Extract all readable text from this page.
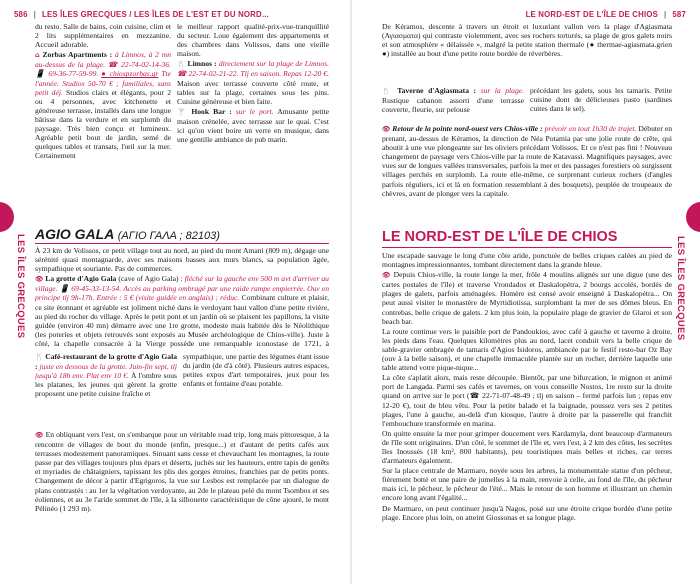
586 | LES ÎLES GRECQUES / LES ÎLES DE L'EST ET DU NORD...

du resto. Salle de bains, coin cuisine, clim et 2 lits supplémentaires en mezzanine. Accueil adorable.

⌂ Zorbas Apartments : à Limnos, à 2 mn au-dessus de la plage. ☎ 22-74-02-14-36. 📱 69-36-77-59-99. ● chiospzorbas.gr Tte l'année. Studios 50-70 € ; familiales, sans petit déj. Studios clairs et élégants, pour 2 ou 4 personnes, avec kitchenette et généreuse terrasse, installés dans une longue bâtisse dans la verdure et en surplomb du paysage. Très bien conçu et lumineux. Agréable petit bout de jardin, semé de quelques tables et transats, l'œil sur la mer. Certainement

le meilleur rapport qualité-prix-vue-tranquillité du secteur. Loue également des appartements et des chambres dans Volissos, dans une vieille maison.

🍴 Limnos : directement sur la plage de Limnos. ☎ 22-74-02-21-22. Tlj en saison. Repas 12-20 €. Maison avec terrasse couverte côté route, et tables sur la plage, certaines sous les pins. Cuisine généreuse et bien faite.

🍸 Hook Bar : sur le port. Amusante petite maison crénelée, avec terrasse sur le quai. C'est ici qu'on vient boire un verre en musique, dans une gentille ambiance de pub marin.

AGIO GALA (ΑΓΙΟ ΓΑΛΑ ; 82103)

À 23 km de Volissos, ce petit village tout au nord, au pied du mont Amani (809 m), dégage une sérénité quasi montagnarde, avec ses maisons basses aux murs blancs, sa population âgée, sympathique et souriante. Pas de commerces.

👁 La grotte d'Agio Gala (cave of Agio Gala) : fléché sur la gauche env 500 m avt d'arriver au village. 📱 69-45-33-13-54. Accès au parking ombragé par une raide rampe empierrée. Ouv en principe tlj 9h-17h. Entrée : 5 € (visite guidée en anglais) ; réduc. Combinant culture et plaisir, ce site étonnant et agréable est joliment niché dans le verdoyant haut vallon d'une petite rivière, au pied du rocher du village. Après le petit pont et un jardin où se plaisent les papillons, la visite guidée (environ 40 mn) démarre avec une 1re grotte, modeste mais habitée dès le Néolithique (les poteries et objets retrouvés sont exposés au Musée archéologique de Chios-ville). Juste à côté, la chapelle consacrée à la Vierge possède une remarquable iconostase de 1721, à

🍴 Café-restaurant de la grotte d'Agio Gala : juste en dessous de la grotte. Juin-fin sept, tlj jusqu'à 18h env. Plat env 10 €. À l'ombre sous les platanes, les jeunes qui gèrent la grotte proposent une petite cuisine fraîche et

sympathique, une partie des légumes étant issue du jardin (de d'à côté). Plusieurs autres espaces, petites expos d'art temporaires, jeux pour les enfants et fontaine d'eau potable.

👁 En obliquant vers l'est, on s'embarque pour un véritable road trip, long mais pittoresque, à la rencontre de villages de bout du monde (enfin, presque...) et d'autant de petits cafés aux terrasses modestement panoramiques. Sinuant sans cesse et chevauchant les montagnes, la route passe par des villages toujours plus épars et déserts, juchés sur les hauteurs, entre tapis de genêts et myriades de châtaigniers, tapissant les plis des gorges étroites, franchies par de petits ponts. Changement de décor à partir d'Egrigoros, la vue sur Lesbos est remplacée par un dialogue de plans contrastés : au 1er la végétation verdoyante, au 2de le plateau pelé du mont Tsombos et ses éoliennes, et au 3e l'aride sommet de l'île, à la silhouette caractéristique de cône ajouré, le mont Pélinéo (1 293 m).

LES ÎLES GRECQUES
LE NORD-EST DE L'ÎLE DE CHIOS | 587

De Kéramos, descente à travers un étroit et luxuriant vallon vers la plage d'Agiasmata (Αγιασματα) qui contraste violemment, avec ses rochers torturés, sa plage de gros galets noirs et son atmosphère « délaissée », malgré la petite station thermale (● thermae-agiasmata.grien ●) installée au bout d'une petite route bordée de réverbères.

🍴 Taverne d'Agiasmata : sur la plage. Rustique cabanon assorti d'une terrasse couverte, fleurie, sur pelouse

précédant les galets, sous les tamaris. Petite cuisine dont de délicieuses pasto (sardines cuites dans le sel).

👁 Retour de la pointe nord-ouest vers Chios-ville : prévoir en tout 1h30 de trajet. Débuter en prenant, au-dessus de Kéramos, la direction de Néa Potamia par une jolie route de crête, qui aboutit à une vue plongeante sur les oliviers précédant Volissos. Et ce n'est pas fini ! Nouveau changement de paysage vers Chios-ville par la route de Katavassi. Magnifiques paysages, avec vues sur de longues vallées transversales, parfois la mer et des passages forestiers où surgissent villages perchés en surplomb. La route elle-même, ce surprenant curieux rochers (d'angles parfois réguliers, ici et là en formation ressemblant à des bosquets), peuplée de troupeaux de chèvres, avant de plonger vers la capitale.

LE NORD-EST DE L'ÎLE DE CHIOS

Une escapade sauvage le long d'une côte aride, ponctuée de belles criques calées au pied de montagnes impressionnantes, tombant directement dans la grande bleue.

👁 Depuis Chios-ville, la route longe la mer, frôle 4 moulins alignés sur une digue (une des cartes postales de l'île) et traverse Vrondados et Daskalopétra, 2 bourgs accolés, bordés de plages de galets, parfois aménagées. Homère est censé avoir enseigné à Daskalopétra... On peut aussi visiter le monastère de Myrtidiotissa, surplombant la mer de ses dômes bleus. En contrebas, belle crique de galets. 2 km plus loin, la populaire plage de gravier de Glaroi et son beach bar.

La route continue vers le paisible port de Pandoukios, avec café à gauche et taverne à droite, les pieds dans l'eau. Quelques kilomètres plus au nord, lacet conduit vers la belle crique de sable-gravier ombragée de tamaris d'Agios Isidoros, ambiancée par le festif resto-bar Oz Bay (ouv à la belle saison), et une chapelle immaculée plantée sur un rocher, derrière laquelle une table attend votre pique-nique...

La côte s'aplatit alors, mais reste découpée. Bientôt, par une bifurcation, le mignon et animé port de Langada. Parmi ses cafés et tavernes, on vous conseille Nostos, 1re resto sur la droite quand on arrive sur le port (☎ 22-71-07-48-49 ; tlj en saison – fermé parfois lun ; repas env 12-20 €), tout de bleu vêtu. Pour la petite balade et la baignade, poussez vers ses 2 petites plages, l'une à gauche, au-delà d'un kiosque, l'autre à droite par la passerelle qui franchit l'embouchure transformée en marina.

On quitte ensuite la mer pour grimper doucement vers Kardamyla, dont beaucoup d'armateurs de l'île sont originaires. D'un côté, le sommet de l'île et, vers l'est, à 2 km des côtes, les secrètes îles Inoussés (18 km², 800 habitants), peu touristiques mais belles et riches, car terres d'armateurs également.

Sur la place centrale de Marmaro, noyée sous les arbres, la monumentale statue d'un pêcheur, fièrement botté et une paire de jumelles à la main, renvoie à celle, au fond de l'île, du pêcheur mais ici, le pêcheur, le pêcheur de l'été... Mais le retour de son homme et illustrant un chemin encore long avant l'égalité...

De Marmaro, on peut continuer jusqu'à Nagos, posé sur une étroite crique bordée d'une petite plage. Encore plus loin, on atteint Giossonas et sa longue plage.

LES ÎLES GRECQUES
